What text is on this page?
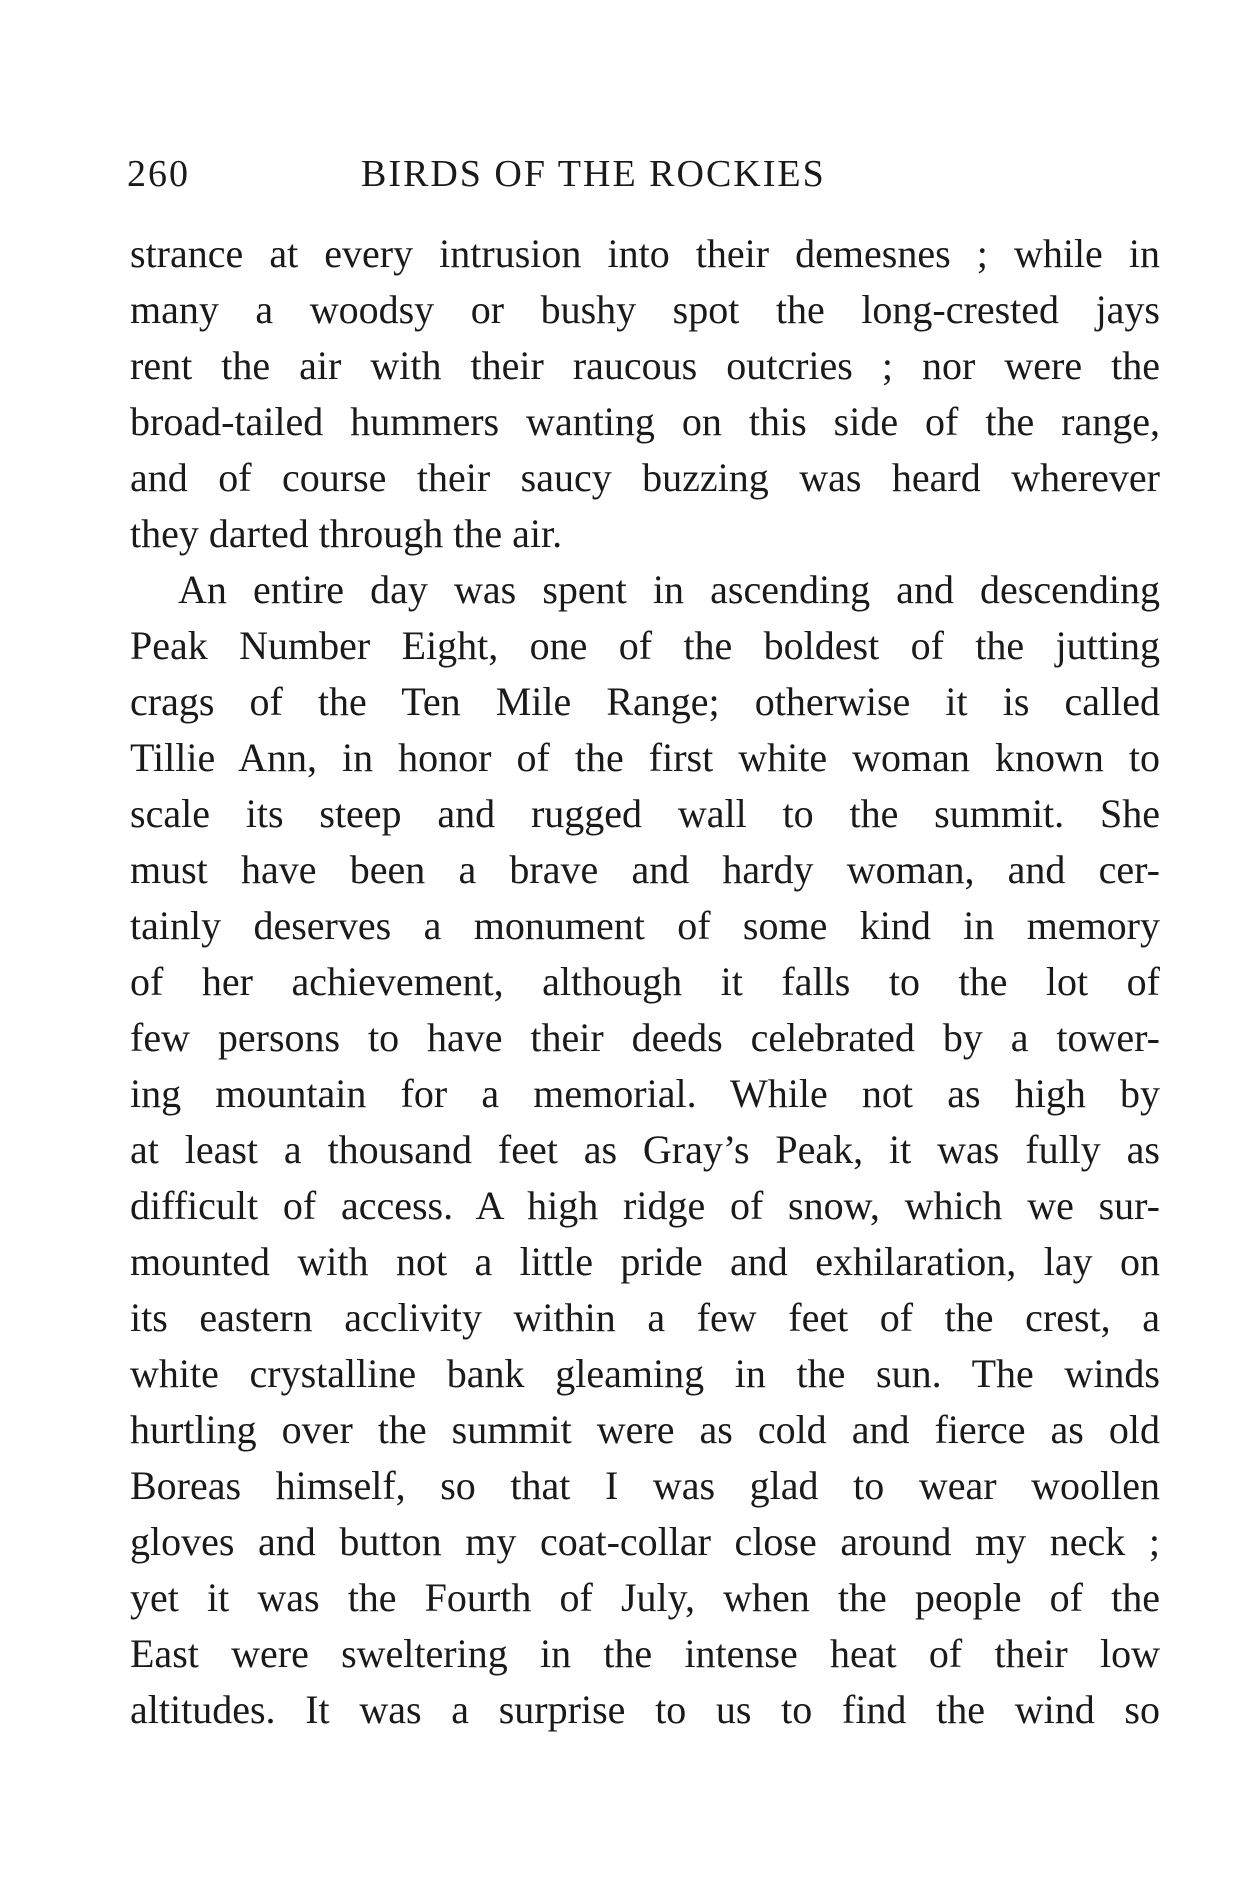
260	BIRDS OF THE ROCKIES
strance at every intrusion into their demesnes ; while in
many a woodsy or bushy spot the long-crested jays
rent the air with their raucous outcries ; nor were the
broad-tailed hummers wanting on this side of the range,
and of course their saucy buzzing was heard wherever
they darted through the air.
An entire day was spent in ascending and descending
Peak Number Eight, one of the boldest of the jutting
crags of the Ten Mile Range; otherwise it is called
Tillie Ann, in honor of the first white woman known to
scale its steep and rugged wall to the summit. She
must have been a brave and hardy woman, and cer-
tainly deserves a monument of some kind in memory
of her achievement, although it falls to the lot of
few persons to have their deeds celebrated by a tower-
ing mountain for a memorial. While not as high by
at least a thousand feet as Gray’s Peak, it was fully as
difficult of access. A high ridge of snow, which we sur-
mounted with not a little pride and exhilaration, lay on
its eastern acclivity within a few feet of the crest, a
white crystalline bank gleaming in the sun. The winds
hurtling over the summit were as cold and fierce as old
Boreas himself, so that I was glad to wear woollen
gloves and button my coat-collar close around my neck ;
yet it was the Fourth of July, when the people of the
East were sweltering in the intense heat of their low
altitudes. It was a surprise to us to find the wind so
